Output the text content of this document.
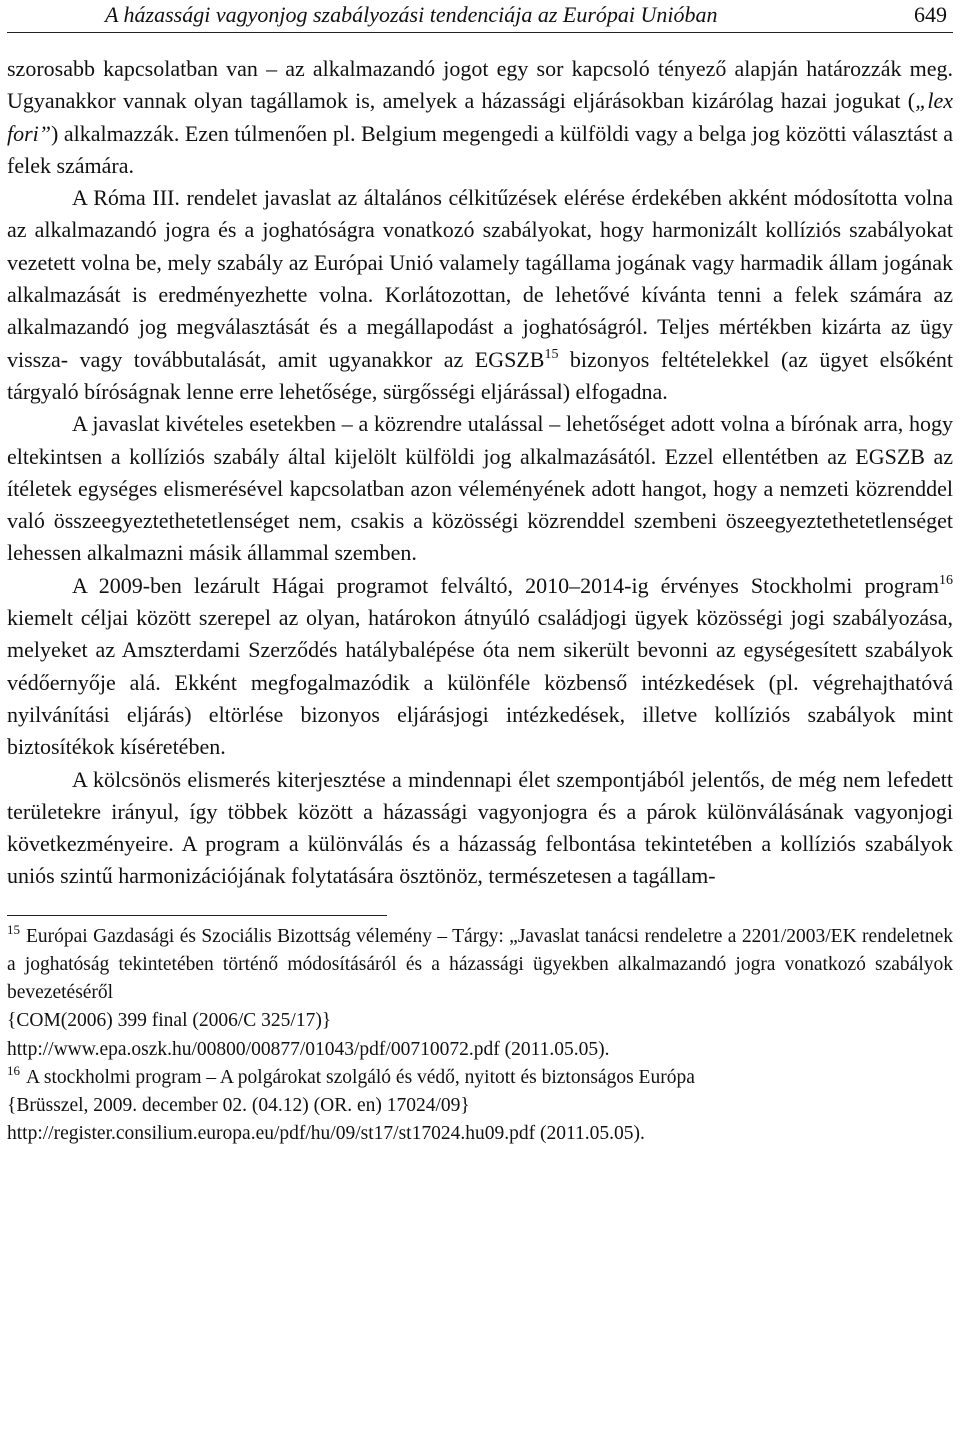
A házassági vagyonjog szabályozási tendenciája az Európai Unióban	649

szorosabb kapcsolatban van – az alkalmazandó jogot egy sor kapcsoló tényező alapján határozzák meg. Ugyanakkor vannak olyan tagállamok is, amelyek a házassági eljárásokban kizárólag hazai jogukat („lex fori”) alkalmazzák. Ezen túlmenően pl. Belgium megengedi a külföldi vagy a belga jog közötti választást a felek számára.

A Róma III. rendelet javaslat az általános célkitűzések elérése érdekében akként módosította volna az alkalmazandó jogra és a joghatóságra vonatkozó szabályokat, hogy harmonizált kollíziós szabályokat vezetett volna be, mely szabály az Európai Unió valamely tagállama jogának vagy harmadik állam jogának alkalmazását is eredményezhette volna. Korlátozottan, de lehetővé kívánta tenni a felek számára az alkalmazandó jog megválasztását és a megállapodást a joghatóságról. Teljes mértékben kizárta az ügy vissza- vagy továbbutalását, amit ugyanakkor az EGSZB$^{15}$ bizonyos feltételekkel (az ügyet elsőként tárgyaló bíróságnak lenne erre lehetősége, sürgősségi eljárással) elfogadna.

A javaslat kivételes esetekben – a közrendre utalással – lehetőséget adott volna a bírónak arra, hogy eltekintsen a kollíziós szabály által kijelölt külföldi jog alkalmazásától. Ezzel ellentétben az EGSZB az ítéletek egységes elismerésével kapcsolatban azon véleményének adott hangot, hogy a nemzeti közrenddel való összeegyeztethetetlenséget nem, csakis a közösségi közrenddel szembeni öszeegyeztethetetlenséget lehessen alkalmazni másik állammal szemben.

A 2009-ben lezárult Hágai programot felváltó, 2010–2014-ig érvényes Stockholmi program$^{16}$ kiemelt céljai között szerepel az olyan, határokon átnyúló családjogi ügyek közösségi jogi szabályozása, melyeket az Amszterdami Szerződés hatálybalépése óta nem sikerült bevonni az egységesített szabályok védőernyője alá. Ekként megfogalmazódik a különféle közbenső intézkedések (pl. végrehajthatóvá nyilvánítási eljárás) eltörlése bizonyos eljárásjogi intézkedések, illetve kollíziós szabályok mint biztosítékok kíséretében.

A kölcsönös elismerés kiterjesztése a mindennapi élet szempontjából jelentős, de még nem lefedett területekre irányul, így többek között a házassági vagyonjogra és a párok különválásának vagyonjogi következményeire. A program a különválás és a házasság felbontása tekintetében a kollíziós szabályok uniós szintű harmonizációjának folytatására ösztönöz, természetesen a tagállam-

$^{15}$ Európai Gazdasági és Szociális Bizottság vélemény – Tárgy: „Javaslat tanácsi rendeletre a 2201/2003/EK rendeletnek a joghatóság tekintetében történő módosításáról és a házassági ügyekben alkalmazandó jogra vonatkozó szabályok bevezetéséről

{COM(2006) 399 final (2006/C 325/17)}

http://www.epa.oszk.hu/00800/00877/01043/pdf/00710072.pdf (2011.05.05).

$^{16}$ A stockholmi program – A polgárokat szolgáló és védő, nyitott és biztonságos Európa

{Brüsszel, 2009. december 02. (04.12) (OR. en) 17024/09}

http://register.consilium.europa.eu/pdf/hu/09/st17/st17024.hu09.pdf (2011.05.05).
